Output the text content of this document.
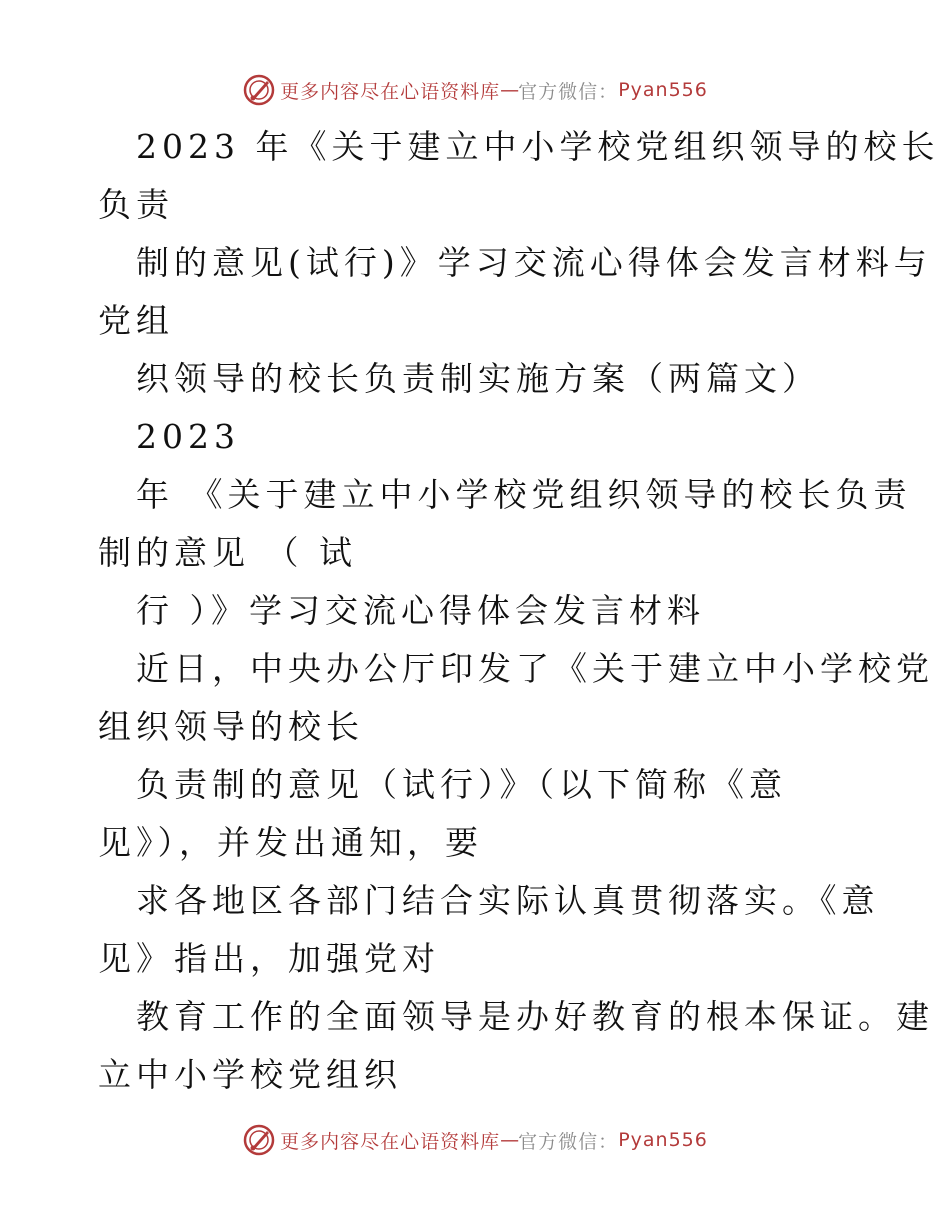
更多内容尽在心语资料库 — 官方微信： Pyan556
2023 年《关于建立中小学校党组织领导的校长
负责
制的意见(试行)》学习交流心得体会发言材料与
党组
织领导的校长负责制实施方案（两篇文）
2023
年 《关于建立中小学校党组织领导的校长负责
制的意见 （ 试
行 ）》学习交流心得体会发言材料
近日，中央办公厅印发了《关于建立中小学校党
组织领导的校长
负责制的意见（试行）》（以下简称《意
见》），并发出通知，要
求各地区各部门结合实际认真贯彻落实。《意
见》指出，加强党对
教育工作的全面领导是办好教育的根本保证。建
立中小学校党组织
更多内容尽在心语资料库 — 官方微信： Pyan556
